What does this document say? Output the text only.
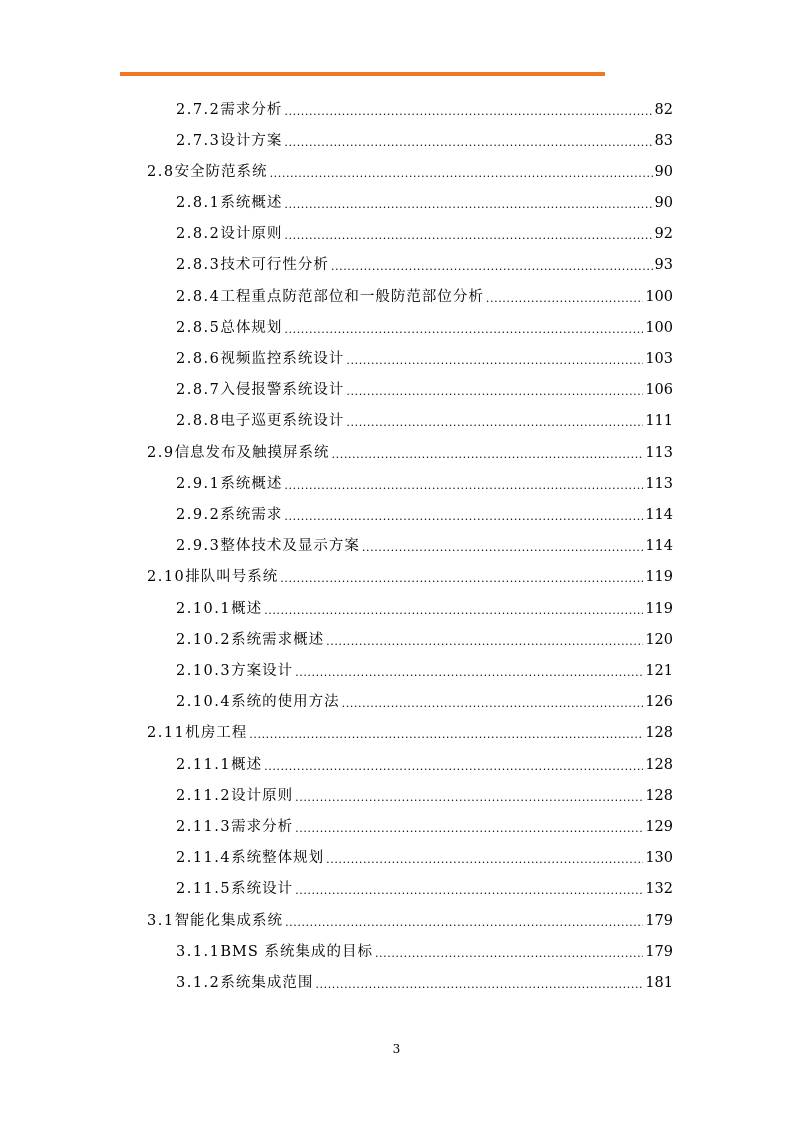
2.7.2 需求分析 .....	82
2.7.3 设计方案 .....	83
2.8 安全防范系统 .....	90
2.8.1 系统概述 .....	90
2.8.2 设计原则 .....	92
2.8.3 技术可行性分析 .....	93
2.8.4 工程重点防范部位和一般防范部位分析 .....	100
2.8.5 总体规划 .....	100
2.8.6 视频监控系统设计 .....	103
2.8.7 入侵报警系统设计 .....	106
2.8.8 电子巡更系统设计 .....	111
2.9 信息发布及触摸屏系统 .....	113
2.9.1 系统概述 .....	113
2.9.2 系统需求 .....	114
2.9.3 整体技术及显示方案 .....	114
2.10 排队叫号系统 .....	119
2.10.1 概述 .....	119
2.10.2 系统需求概述 .....	120
2.10.3 方案设计 .....	121
2.10.4 系统的使用方法 .....	126
2.11 机房工程 .....	128
2.11.1 概述 .....	128
2.11.2 设计原则 .....	128
2.11.3 需求分析 .....	129
2.11.4 系统整体规划 .....	130
2.11.5 系统设计 .....	132
3.1 智能化集成系统 .....	179
3.1.1 BMS 系统集成的目标 .....	179
3.1.2 系统集成范围 .....	181
3
